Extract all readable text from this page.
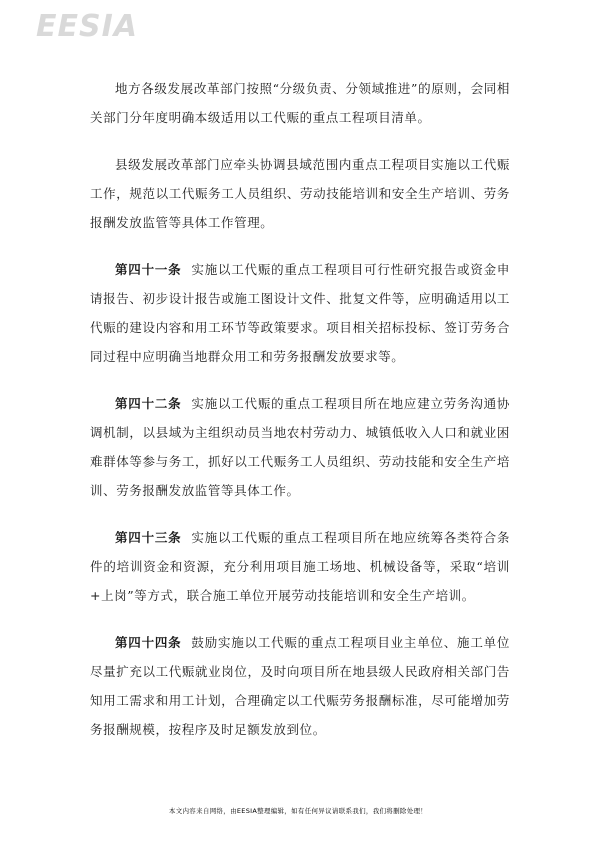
EESIA

地方各级发展改革部门按照“分级负责、分领域推进”的原则，会同相关部门分年度明确本级适用以工代赈的重点工程项目清单。

县级发展改革部门应牵头协调县域范围内重点工程项目实施以工代赈工作，规范以工代赈务工人员组织、劳动技能培训和安全生产培训、劳务报酬发放监管等具体工作管理。

第四十一条 实施以工代赈的重点工程项目可行性研究报告或资金申请报告、初步设计报告或施工图设计文件、批复文件等，应明确适用以工代赈的建设内容和用工环节等政策要求。项目相关招标投标、签订劳务合同过程中应明确当地群众用工和劳务报酬发放要求等。

第四十二条 实施以工代赈的重点工程项目所在地应建立劳务沟通协调机制，以县域为主组织动员当地农村劳动力、城镇低收入人口和就业困难群体等参与务工，抓好以工代赈务工人员组织、劳动技能和安全生产培训、劳务报酬发放监管等具体工作。

第四十三条 实施以工代赈的重点工程项目所在地应统筹各类符合条件的培训资金和资源，充分利用项目施工场地、机械设备等，采取“培训+上岗”等方式，联合施工单位开展劳动技能培训和安全生产培训。

第四十四条 鼓励实施以工代赈的重点工程项目业主单位、施工单位尽量扩充以工代赈就业岗位，及时向项目所在地县级人民政府相关部门告知用工需求和用工计划，合理确定以工代赈劳务报酬标准，尽可能增加劳务报酬规模，按程序及时足额发放到位。

本文内容来自网络，由EESIA整理编辑，如有任何异议请联系我们，我们将删除处理！
